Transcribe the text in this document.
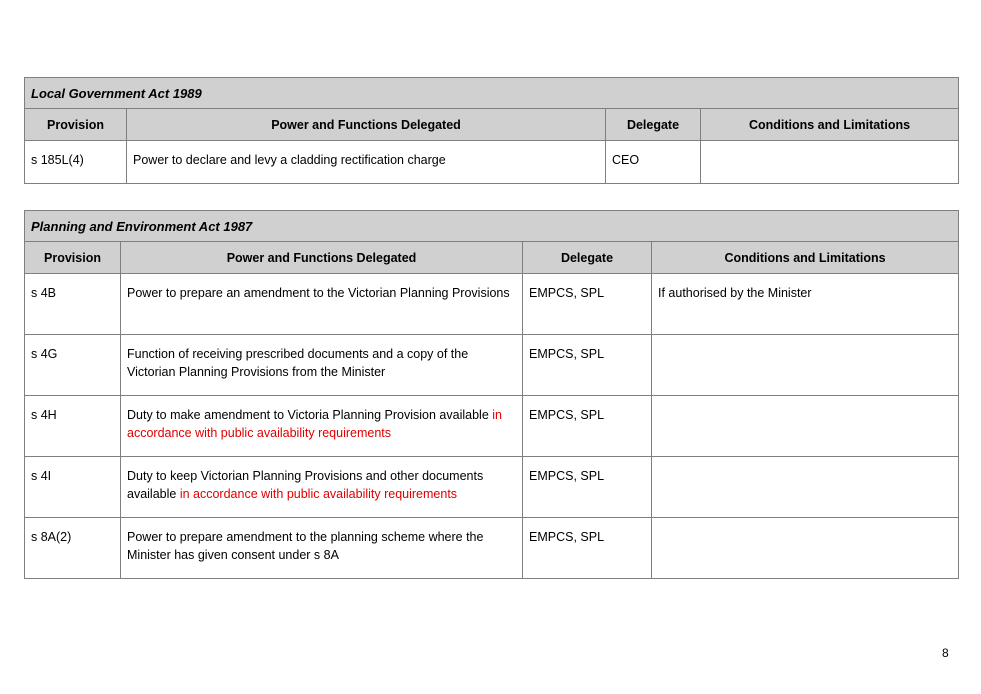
Local Government Act 1989			
Provision	Power and Functions Delegated	Delegate	Conditions and Limitations
s 185L(4)	Power to declare and levy a cladding rectification charge	CEO	
Planning and Environment Act 1987			
Provision	Power and Functions Delegated	Delegate	Conditions and Limitations
s 4B	Power to prepare an amendment to the Victorian Planning Provisions	EMPCS, SPL	If authorised by the Minister
s 4G	Function of receiving prescribed documents and a copy of the Victorian Planning Provisions from the Minister	EMPCS, SPL	
s 4H	Duty to make amendment to Victoria Planning Provision available in accordance with public availability requirements	EMPCS, SPL	
s 4I	Duty to keep Victorian Planning Provisions and other documents available in accordance with public availability requirements	EMPCS, SPL	
s 8A(2)	Power to prepare amendment to the planning scheme where the Minister has given consent under s 8A	EMPCS, SPL	
8
